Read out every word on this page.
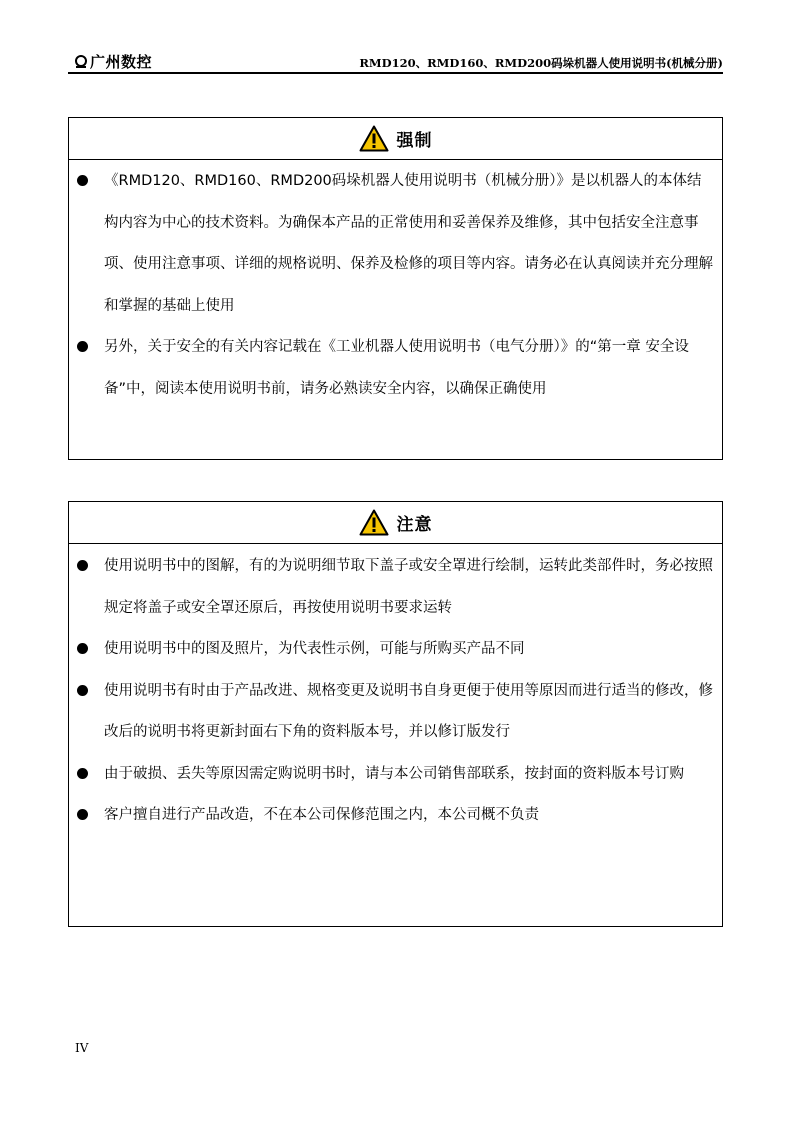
广州数控	RMD120、RMD160、RMD200码垛机器人使用说明书(机械分册)
强制
《RMD120、RMD160、RMD200码垛机器人使用说明书（机械分册）》是以机器人的本体结构内容为中心的技术资料。为确保本产品的正常使用和妥善保养及维修，其中包括安全注意事项、使用注意事项、详细的规格说明、保养及检修的项目等内容。请务必在认真阅读并充分理解和掌握的基础上使用
另外，关于安全的有关内容记载在《工业机器人使用说明书（电气分册）》的“第一章 安全设备”中，阅读本使用说明书前，请务必熟读安全内容，以确保正确使用
注意
使用说明书中的图解，有的为说明细节取下盖子或安全罩进行绘制，运转此类部件时，务必按照规定将盖子或安全罩还原后，再按使用说明书要求运转
使用说明书中的图及照片，为代表性示例，可能与所购买产品不同
使用说明书有时由于产品改进、规格变更及说明书自身更便于使用等原因而进行适当的修改，修改后的说明书将更新封面右下角的资料版本号，并以修订版发行
由于破损、丢失等原因需定购说明书时，请与本公司销售部联系，按封面的资料版本号订购
客户擅自进行产品改造，不在本公司保修范围之内，本公司概不负责
IV
